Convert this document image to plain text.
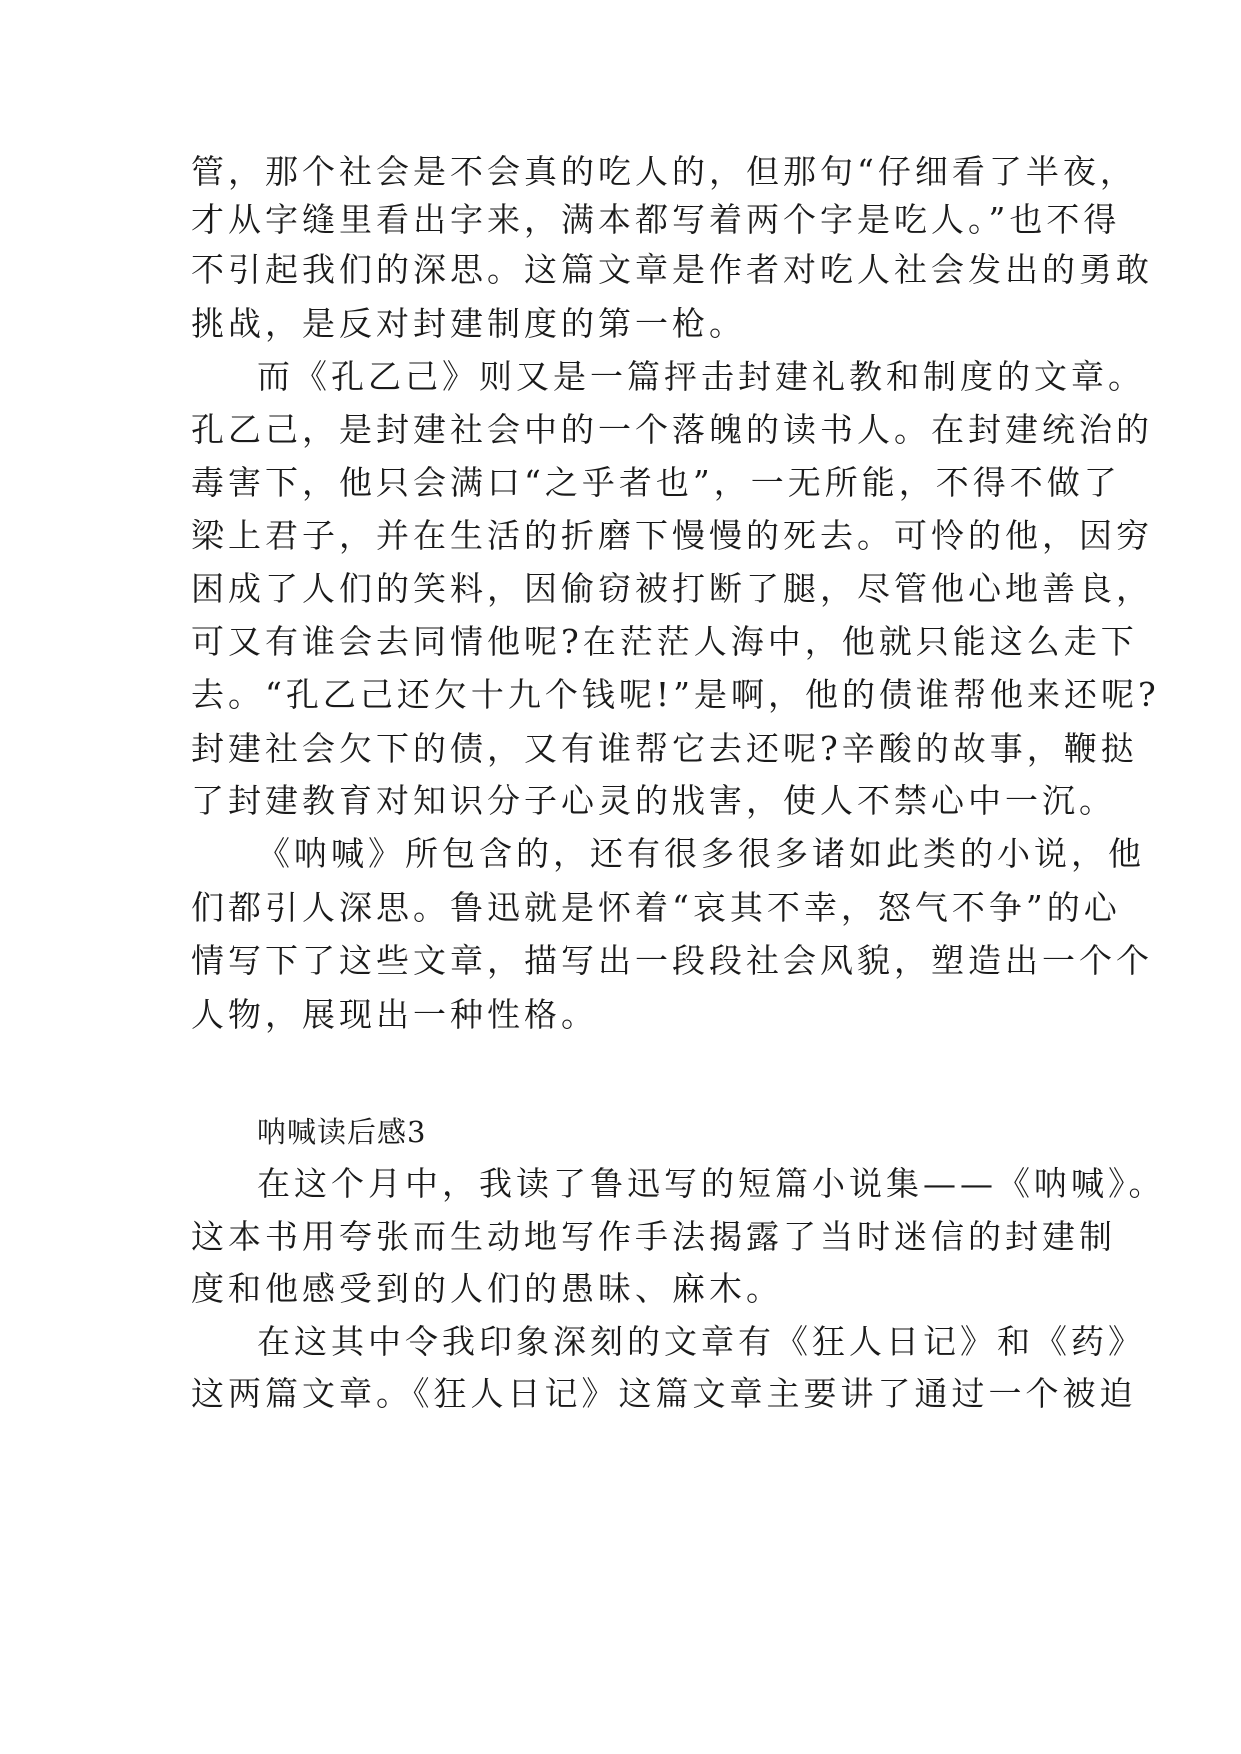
管，那个社会是不会真的吃人的，但那句“仔细看了半夜，
才从字缝里看出字来，满本都写着两个字是吃人。”也不得
不引起我们的深思。这篇文章是作者对吃人社会发出的勇敢
挑战，是反对封建制度的第一枪。
而《孔乙己》则又是一篇抨击封建礼教和制度的文章。
孔乙己，是封建社会中的一个落魄的读书人。在封建统治的
毒害下，他只会满口“之乎者也”，一无所能，不得不做了
梁上君子，并在生活的折磨下慢慢的死去。可怜的他，因穷
困成了人们的笑料，因偷窃被打断了腿，尽管他心地善良，
可又有谁会去同情他呢?在茫茫人海中，他就只能这么走下
去。“孔乙己还欠十九个钱呢!”是啊，他的债谁帮他来还呢?
封建社会欠下的债，又有谁帮它去还呢?辛酸的故事，鞭挞
了封建教育对知识分子心灵的戕害，使人不禁心中一沉。
《呐喊》所包含的，还有很多很多诸如此类的小说，他
们都引人深思。鲁迅就是怀着“哀其不幸，怒气不争”的心
情写下了这些文章，描写出一段段社会风貌，塑造出一个个
人物，展现出一种性格。
呐喊读后感3
在这个月中，我读了鲁迅写的短篇小说集——《呐喊》。
这本书用夸张而生动地写作手法揭露了当时迷信的封建制
度和他感受到的人们的愚昧、麻木。
在这其中令我印象深刻的文章有《狂人日记》和《药》
这两篇文章。《狂人日记》这篇文章主要讲了通过一个被迫
